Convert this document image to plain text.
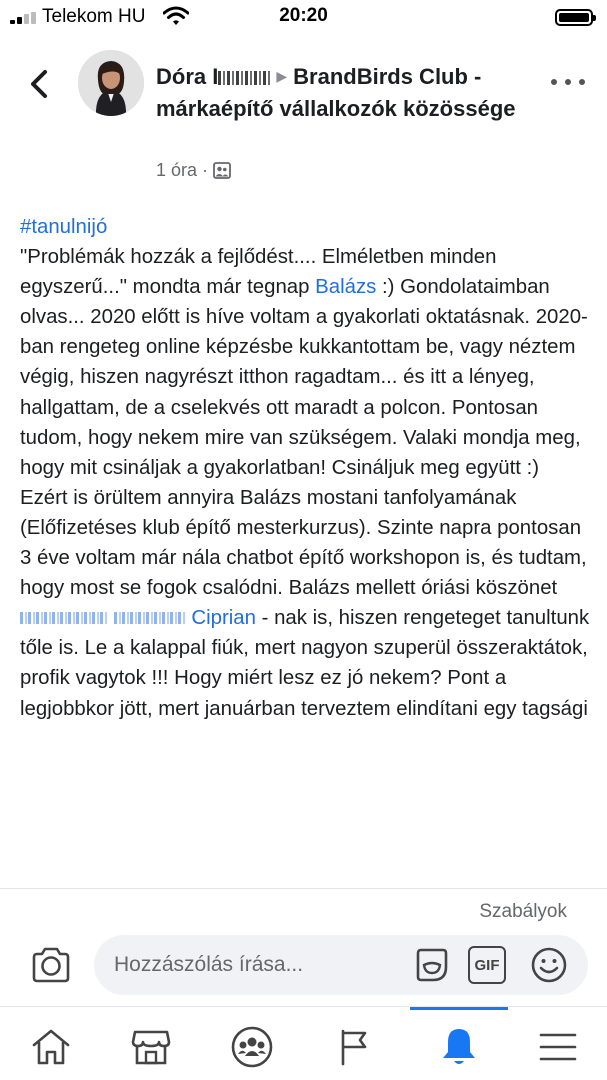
Telekom HU	20:20
Dóra I	▶ BrandBirds Club - márkaépítő vállalkozók közössége
1 óra ·
#tanulnijó
"Problémák hozzák a fejlődést.... Elméletben minden egyszerű..." mondta már tegnap Balázs :) Gondolataimban olvas... 2020 előtt is híve voltam a gyakorlati oktatásnak. 2020-ban rengeteg online képzésbe kukkantottam be, vagy néztem végig, hiszen nagyrészt itthon ragadtam... és itt a lényeg, hallgattam, de a cselekvés ott maradt a polcon. Pontosan tudom, hogy nekem mire van szükségem. Valaki mondja meg, hogy mit csináljak a gyakorlatban! Csináljuk meg együtt :) Ezért is örültem annyira Balázs mostani tanfolyamának (Előfizetéses klub építő mesterkurzus). Szinte napra pontosan 3 éve voltam már nála chatbot építő workshopon is, és tudtam, hogy most se fogok csalódni. Balázs mellett óriási köszönet   Ciprian - nak is, hiszen rengeteget tanultunk tőle is. Le a kalappal fiúk, mert nagyon szuperül összeraktátok, profik vagytok !!! Hogy miért lesz ez jó nekem? Pont a legjobbkor jött, mert januárban terveztem elindítani egy tagsági
Szabályok
Hozzászólás írása...
GIF
